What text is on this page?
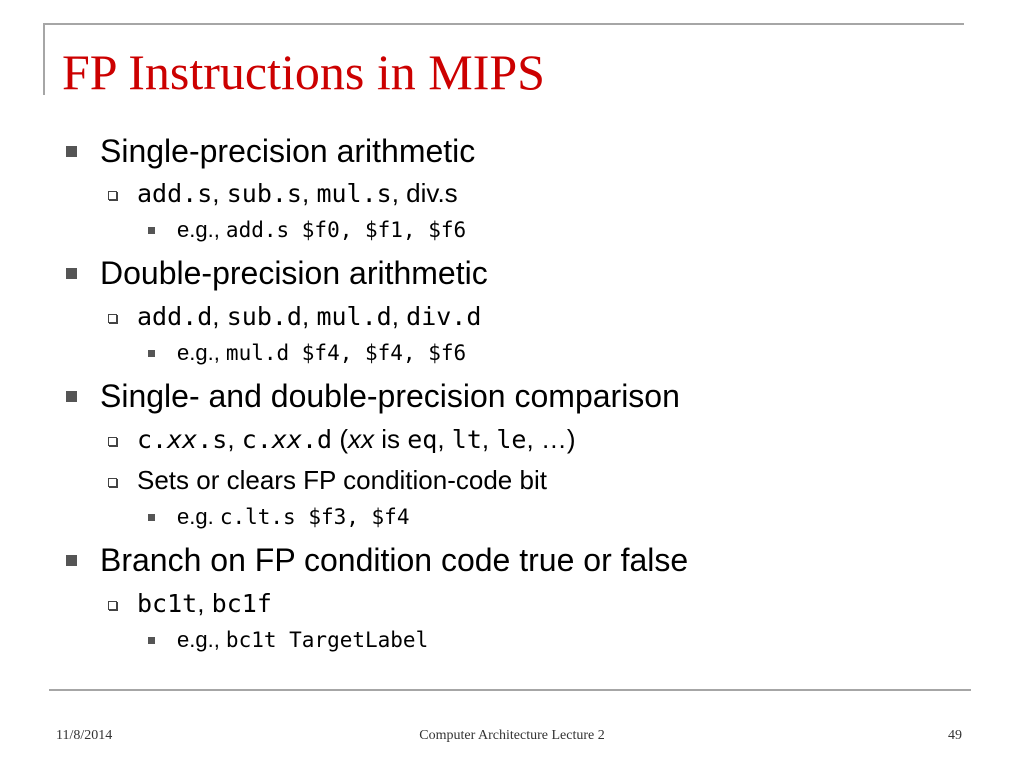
FP Instructions in MIPS
Single-precision arithmetic
add.s, sub.s, mul.s, div.s
e.g., add.s $f0, $f1, $f6
Double-precision arithmetic
add.d, sub.d, mul.d, div.d
e.g., mul.d $f4, $f4, $f6
Single- and double-precision comparison
c.xx.s, c.xx.d (xx is eq, lt, le, …)
Sets or clears FP condition-code bit
e.g. c.lt.s $f3, $f4
Branch on FP condition code true or false
bc1t, bc1f
e.g., bc1t TargetLabel
11/8/2014	Computer Architecture Lecture 2	49
